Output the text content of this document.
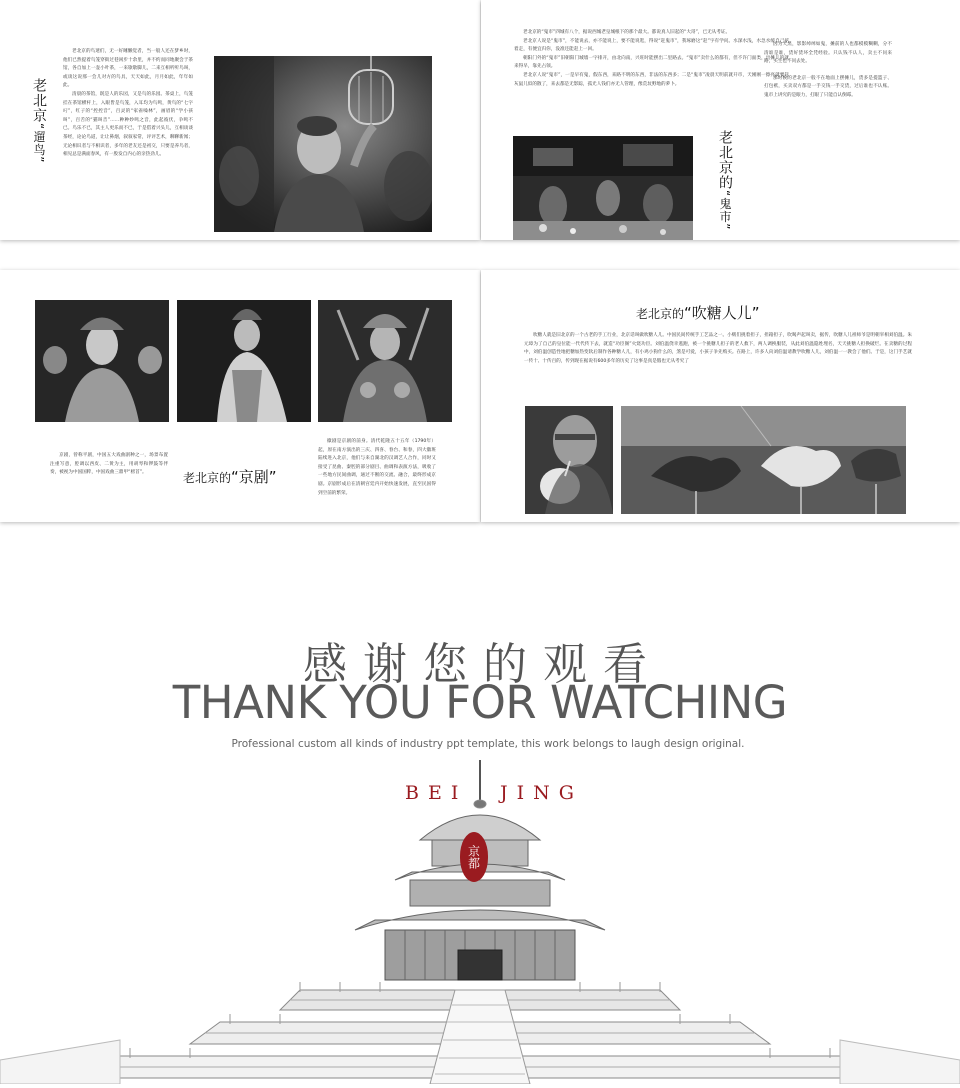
老北京“遛鸟”
老北京的鸟迷们，无一好睡懒觉者，当一般人还在梦乡时，他们已然提着鸟笼穿街过巷闲步十余里，并不约而同地聚会于茶馆，各自加上一壶小叶茶，一来歇歇脚儿，二来互相听听鸟叫，或谈这说那一会儿对方的鸟具，天天如此，月月如此，年年如此。
清晨的茶馆，既是人的乐园，又是鸟的乐园。茶桌上，鸟笼挂在茶馆横杆上，入眼皆是鸟笼，入耳均为鸟鸣，黄鸟的“七字叼”，红子的“控控音”，百灵的“家雀嗓林”，画眉的“学小孩叫”，百舌的“猫叫音”……种种妙鸣之音，此起彼伏，争鸣不已。鸟乐不已，其主人更乐而不已，于是借着兴头儿，互相谈谈茶经，论论鸟道，让让鼻烟，叙叙家常，评评艺术，聊聊新闻；无论相识者与不相识者，多年的老友还是初交，只要是养鸟者，相见总是满面春风，有一股发自内心的亲热劲儿。
老北京的“鬼市”四城有八个，据说西城老皇城根下的那个最大。都说真人旧起的“大哥”，已无从考证。
老北京人说是“鬼市”，不能说去，亦不能说上，要不能说逛，得说“赶鬼市”，我琢磨这“赶”字有学问。水深水浅，水急水缓自己掂着走，有便宜归你，没准还能赶上一回。
朝阳门外的“鬼市”旧朝阳门城墙一字排开，由北向南，兴旺时能摆出二里路去。“鬼市”卖什么的都有，但不许门面类，出摊儿的就来得早，靠先占领。
老北京人说“鬼市”，一是早有鬼，假东西，来路不明的东西，非法的东西多；二是“鬼市”凌晨天明前就开市，天刚刚一擦亮就要赶灰鼠儿似的散了，来去都是无影踪，孤光人钱们亦无人管理，像荒坟野地的萝卜。
老北京的“鬼市”
因为天黑，影影绰绰如鬼，摊前的人也都模模糊糊，分不清谁是谁，货好货坏全凭经验。只认钱不认人，卖主不问来路，买主也不问去处。
那时候的老北京一般不在地面上摆摊儿，货多是提篮子、打包袱，买卖双方都是一手交钱一手交货，过后谁也不认账。鬼市上讲究的是眼力，打眼了只能自认倒霉。
京剧，曾称平剧，中国五大戏曲剧种之一，场景布置注重写意，腔调以西皮、二黄为主，用胡琴和锣鼓等伴奏，被视为中国国粹，中国戏曲三鼎甲“榜首”。	老北京的“京剧”
徽剧是京剧的前身。清代乾隆五十五年（1790年）起，原在南方演出的三庆、四喜、春台、和春，四大徽班陆续进入北京，他们与来自湖北的汉调艺人合作，同时又接受了昆曲、秦腔的部分剧目、曲调和表演方法，吸收了一些地方民间曲调，通过不断的交流、融合，最终形成京剧。京剧形成后在清朝宫廷内开始快速发展，直至民国得到空前的繁荣。
老北京的“吹糖人儿”
吹糖人就是旧北京的一个古老的手工行业，北京话叫做吹糖人儿。中国民间传统手工艺品之一。小贩们挑着担子，担箱担子，吹喝声起叫卖，据传，吹糖人儿祖师爷是明朝宰相刘伯温。朱元璋为了自己的皇位能一代代传下去，就造“功臣阁”火烧功臣。刘伯温侥幸逃跑，被一个挑糖儿担子的老人救下，两人调换服装，从此刘伯温隐姓埋名，天天挑糖人担换破烂。在卖糖的过程中，刘伯温创造性地把糖加热变软后制作各种糖人儿，有小鸡小狗什么的，煞是可爱，小孩子争先购买。在路上，许多人向刘伯温请教学吹糖人儿，刘伯温一一教会了他们。于是，这门手艺就一传十、十传百的，传到现在据说有600多年的历史了这事是真是假也无从考究了
感谢您的观看
THANK YOU FOR WATCHING
Professional custom all kinds of industry ppt template, this work belongs to laugh design original.
BEI JING
京都
